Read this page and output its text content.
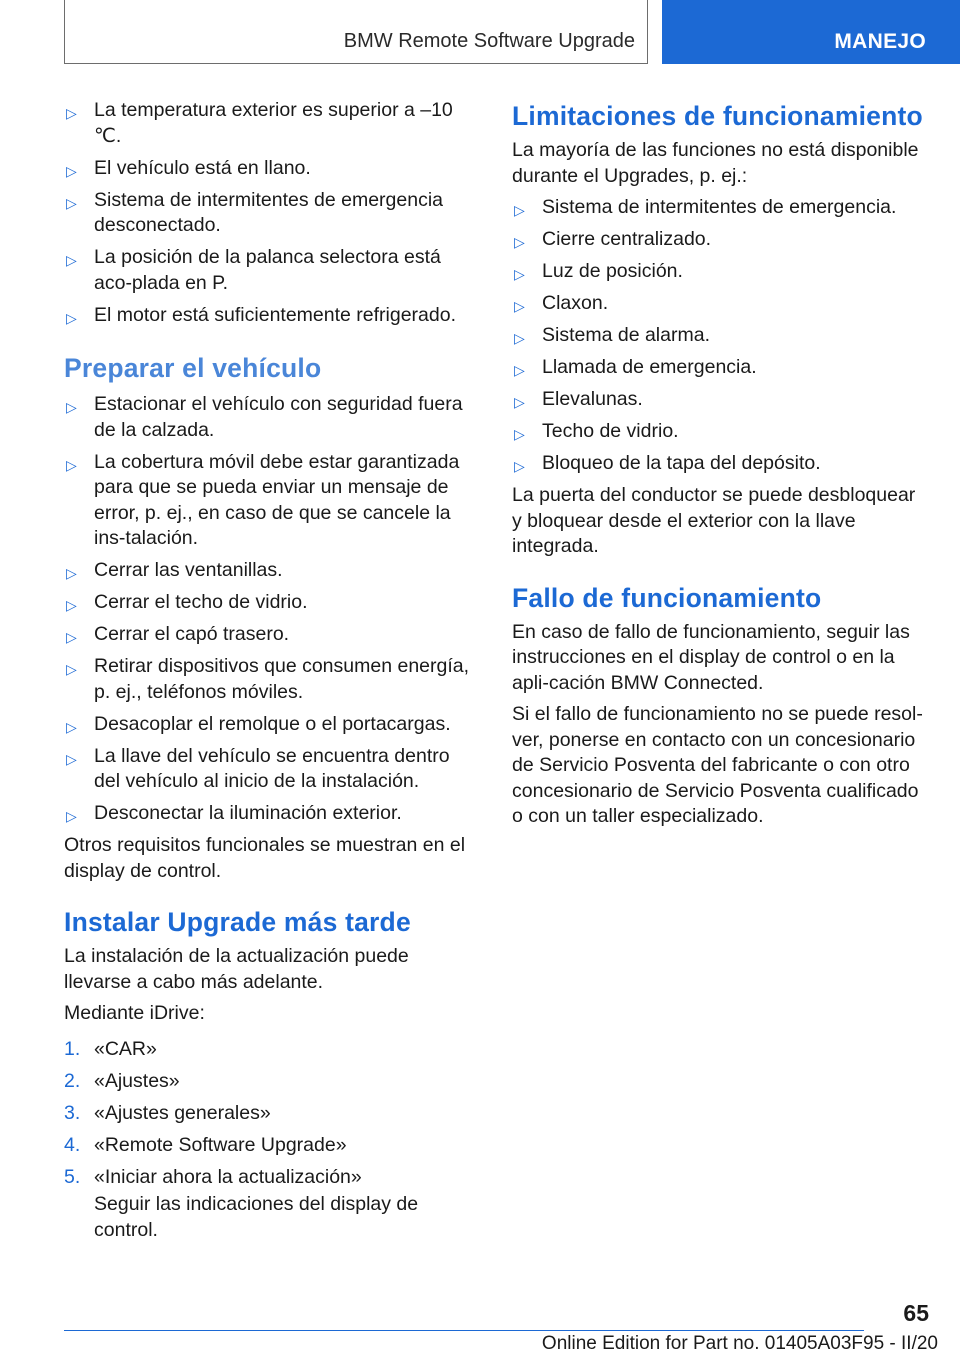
BMW Remote Software Upgrade	MANEJO
▷ La temperatura exterior es superior a –10 ℃.
▷ El vehículo está en llano.
▷ Sistema de intermitentes de emergencia desconectado.
▷ La posición de la palanca selectora está aco-plada en P.
▷ El motor está suficientemente refrigerado.
Preparar el vehículo
▷ Estacionar el vehículo con seguridad fuera de la calzada.
▷ La cobertura móvil debe estar garantizada para que se pueda enviar un mensaje de error, p. ej., en caso de que se cancele la ins-talación.
▷ Cerrar las ventanillas.
▷ Cerrar el techo de vidrio.
▷ Cerrar el capó trasero.
▷ Retirar dispositivos que consumen energía, p. ej., teléfonos móviles.
▷ Desacoplar el remolque o el portacargas.
▷ La llave del vehículo se encuentra dentro del vehículo al inicio de la instalación.
▷ Desconectar la iluminación exterior.

Otros requisitos funcionales se muestran en el display de control.

Instalar Upgrade más tarde

La instalación de la actualización puede llevarse a cabo más adelante.

Mediante iDrive:

1. «CAR»
2. «Ajustes»
3. «Ajustes generales»
4. «Remote Software Upgrade»
5. «Iniciar ahora la actualización»
Seguir las indicaciones del display de control.
Limitaciones de funcionamiento

La mayoría de las funciones no está disponible durante el Upgrades, p. ej.:

▷ Sistema de intermitentes de emergencia.
▷ Cierre centralizado.
▷ Luz de posición.
▷ Claxon.
▷ Sistema de alarma.
▷ Llamada de emergencia.
▷ Elevalunas.
▷ Techo de vidrio.
▷ Bloqueo de la tapa del depósito.

La puerta del conductor se puede desbloquear y bloquear desde el exterior con la llave integrada.

Fallo de funcionamiento

En caso de fallo de funcionamiento, seguir las instrucciones en el display de control o en la apli-cación BMW Connected.

Si el fallo de funcionamiento no se puede resol-ver, ponerse en contacto con un concesionario de Servicio Posventa del fabricante o con otro concesionario de Servicio Posventa cualificado o con un taller especializado.

65
Online Edition for Part no. 01405A03F95 - II/20
